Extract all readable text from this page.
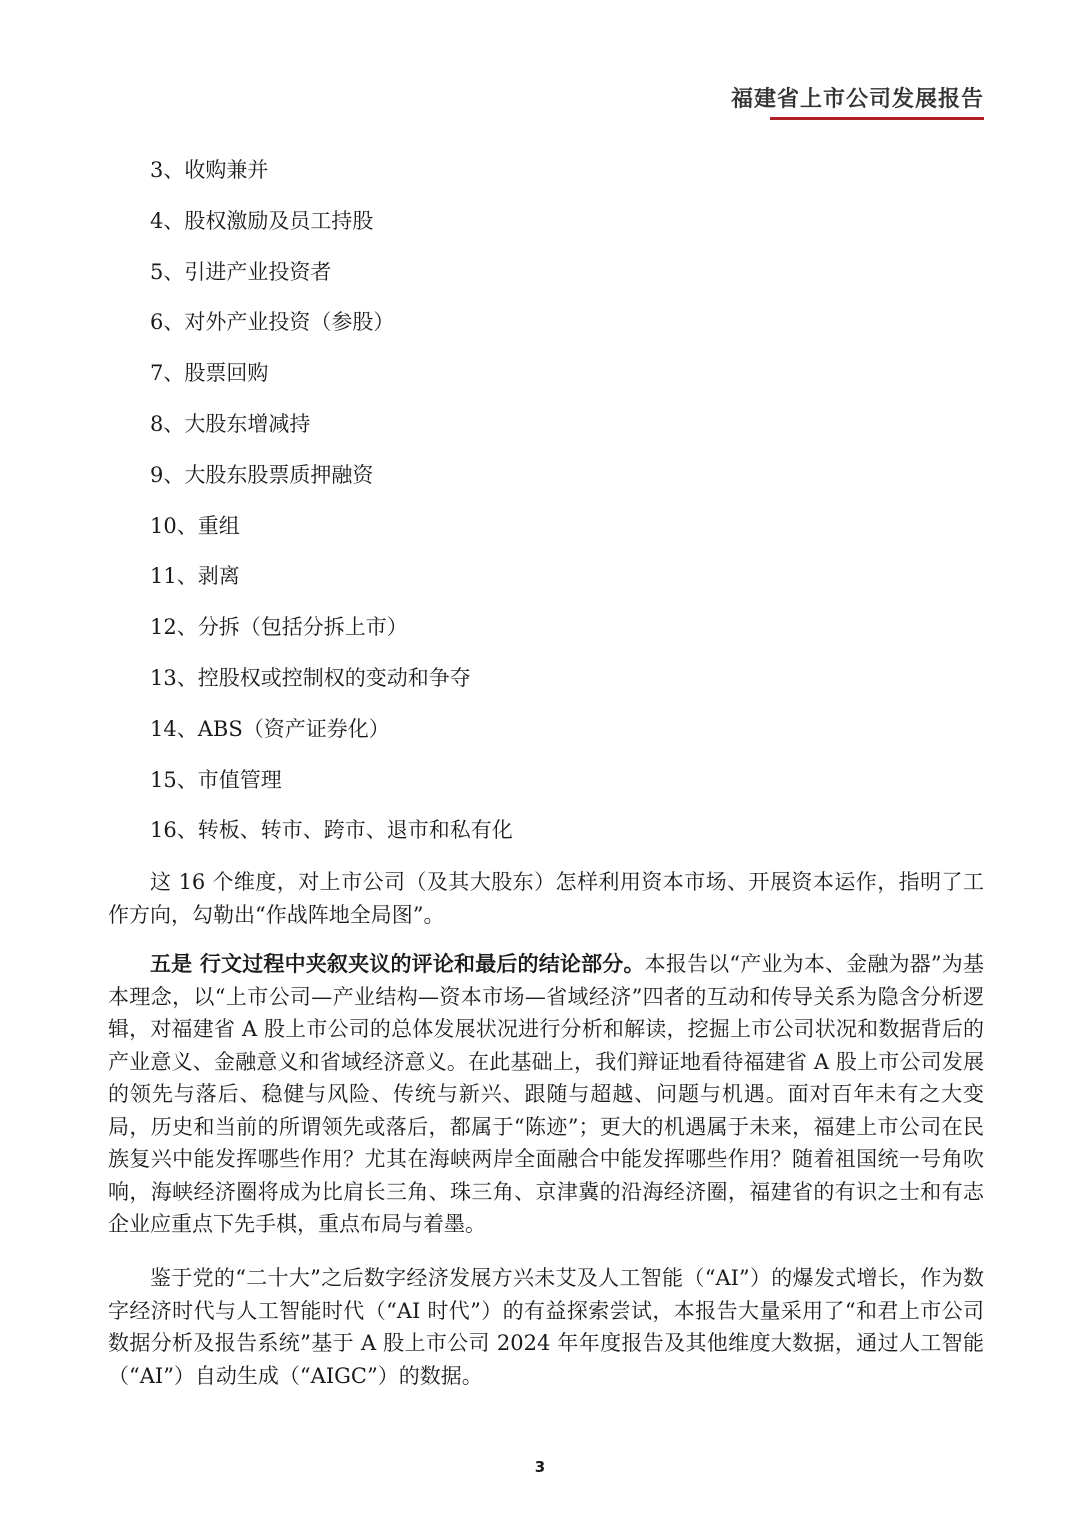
福建省上市公司发展报告
3、收购兼并
4、股权激励及员工持股
5、引进产业投资者
6、对外产业投资（参股）
7、股票回购
8、大股东增减持
9、大股东股票质押融资
10、重组
11、剥离
12、分拆（包括分拆上市）
13、控股权或控制权的变动和争夺
14、ABS（资产证券化）
15、市值管理
16、转板、转市、跨市、退市和私有化

这 16 个维度，对上市公司（及其大股东）怎样利用资本市场、开展资本运作，指明了工作方向，勾勒出“作战阵地全局图”。

五是 行文过程中夹叙夹议的评论和最后的结论部分。本报告以“产业为本、金融为器”为基本理念，以“上市公司—产业结构—资本市场—省域经济”四者的互动和传导关系为隐含分析逻辑，对福建省 A 股上市公司的总体发展状况进行分析和解读，挖掘上市公司状况和数据背后的产业意义、金融意义和省域经济意义。在此基础上，我们辩证地看待福建省 A 股上市公司发展的领先与落后、稳健与风险、传统与新兴、跟随与超越、问题与机遇。面对百年未有之大变局，历史和当前的所谓领先或落后，都属于“陈迹”；更大的机遇属于未来，福建上市公司在民族复兴中能发挥哪些作用？尤其在海峡两岸全面融合中能发挥哪些作用？随着祖国统一号角吹响，海峡经济圈将成为比肩长三角、珠三角、京津冀的沿海经济圈，福建省的有识之士和有志企业应重点下先手棋，重点布局与着墨。

鉴于党的“二十大”之后数字经济发展方兴未艾及人工智能（“AI”）的爆发式增长，作为数字经济时代与人工智能时代（“AI 时代”）的有益探索尝试，本报告大量采用了“和君上市公司数据分析及报告系统”基于 A 股上市公司 2024 年年度报告及其他维度大数据，通过人工智能（“AI”）自动生成（“AIGC”）的数据。

3
